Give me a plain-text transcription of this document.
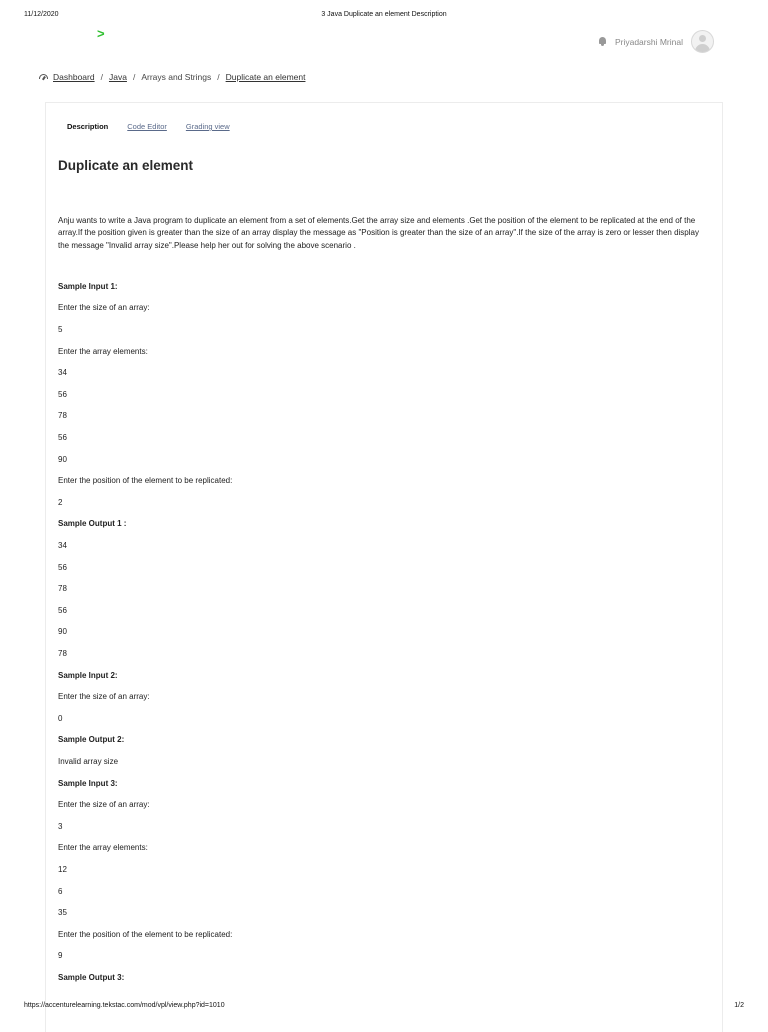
11/12/2020	3 Java Duplicate an element Description
>
Priyadarshi Mrinal
Dashboard / Java / Arrays and Strings / Duplicate an element
Description	Code Editor	Grading view
Duplicate an element

Anju wants to write a Java program to duplicate an element from a set of elements.Get the array size and elements .Get the position of the element to be replicated at the end of the array.If the position given is greater than the size of an array display the message as "Position is greater than the size of an array".If the size of the array is zero or lesser then display the message "Invalid array size".Please help her out for solving the above scenario .

Sample Input 1:
Enter the size of an array:
5
Enter the array elements:
34
56
78
56
90
Enter the position of the element to be replicated:
2
Sample Output 1 :
34
56
78
56
90
78
Sample Input 2:
Enter the size of an array:
0
Sample Output 2:
Invalid array size
Sample Input 3:
Enter the size of an array:
3
Enter the array elements:
12
6
35
Enter the position of the element to be replicated:
9
Sample Output 3:
https://accenturelearning.tekstac.com/mod/vpl/view.php?id=1010	1/2
